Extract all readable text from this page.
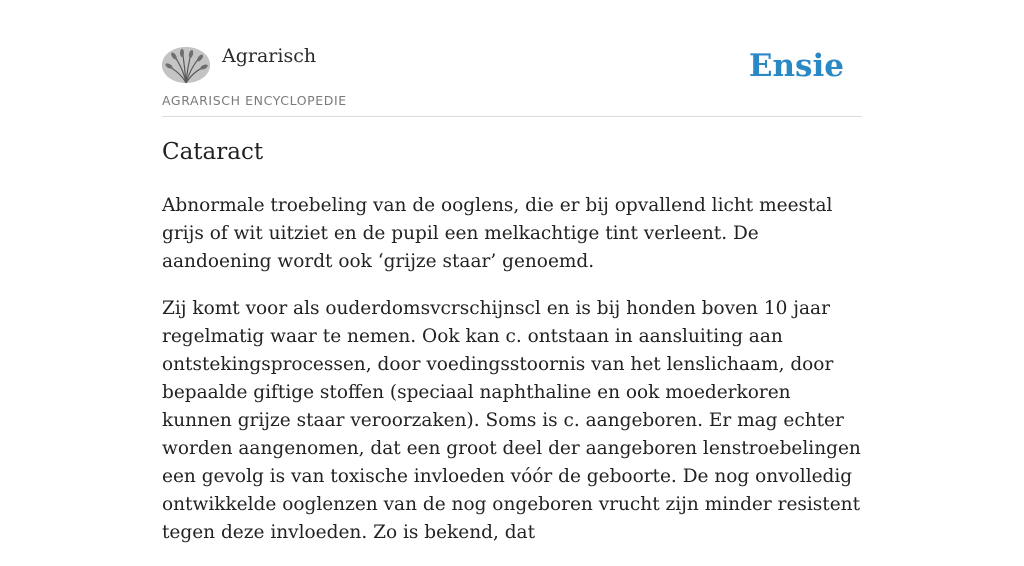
Agrarisch
AGRARISCH ENCYCLOPEDIE
Ensie
Cataract

Abnormale troebeling van de ooglens, die er bij opvallend licht meestal grijs of wit uitziet en de pupil een melkachtige tint verleent. De aandoening wordt ook ‘grijze staar’ genoemd.

Zij komt voor als ouderdomsvcrschijnscl en is bij honden boven 10 jaar regelmatig waar te nemen. Ook kan c. ontstaan in aansluiting aan ontstekingsprocessen, door voedingsstoornis van het lenslichaam, door bepaalde giftige stoffen (speciaal naphthaline en ook moederkoren kunnen grijze staar veroorzaken). Soms is c. aangeboren. Er mag echter worden aangenomen, dat een groot deel der aangeboren lenstroebelingen een gevolg is van toxische invloeden vóór de geboorte. De nog onvolledig ontwikkelde ooglenzen van de nog ongeboren vrucht zijn minder resistent tegen deze invloeden. Zo is bekend, dat
